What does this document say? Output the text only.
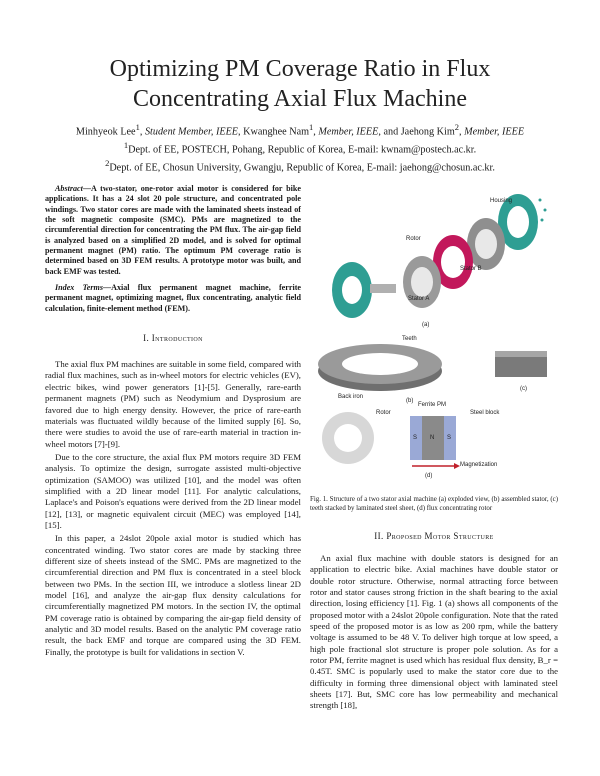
Optimizing PM Coverage Ratio in Flux Concentrating Axial Flux Machine
Minhyeok Lee$^1$, Student Member, IEEE, Kwanghee Nam$^1$, Member, IEEE, and Jaehong Kim$^2$, Member, IEEE
$^1$Dept. of EE, POSTECH, Pohang, Republic of Korea, E-mail: kwnam@postech.ac.kr.
$^2$Dept. of EE, Chosun University, Gwangju, Republic of Korea, E-mail: jaehong@chosun.ac.kr.

Abstract—A two-stator, one-rotor axial motor is considered for bike applications. It has a 24 slot 20 pole structure, and concentrated pole windings. Two stator cores are made with the laminated sheets instead of the soft magnetic composite (SMC). PMs are magnetized to the circumferential direction for concentrating the PM flux. The air-gap field is analyzed based on a simplified 2D model, and is solved for optimal permanent magnet (PM) ratio. The optimum PM coverage ratio is determined based on 3D FEM results. A prototype motor was built, and back EMF was tested.

Index Terms—Axial flux permanent magnet machine, ferrite permanent magnet, optimizing magnet, flux concentrating, analytic field calculation, finite-element method (FEM).

I. Introduction

The axial flux PM machines are suitable in some field, compared with radial flux machines, such as in-wheel motors for electric vehicles (EV), electric bikes, wind power generators [1]-[5]. Generally, rare-earth permanent magnets (PM) such as Neodymium and Dysprosium are favored due to high energy density. However, the price of rare-earth materials was fluctuated wildly because of the limited supply [6]. So, there were studies to avoid the use of rare-earth material in traction in-wheel motors [7]-[9].

Due to the core structure, the axial flux PM motors require 3D FEM analysis. To optimize the design, surrogate assisted multi-objective optimization (SAMOO) was utilized [10], and the model was often simplified with a 2D linear model [11]. For analytic calculations, Laplace's and Poison's equations were derived from the 2D linear model [12], [13], or magnetic equivalent circuit (MEC) was employed [14], [15].

In this paper, a 24slot 20pole axial motor is studied which has concentrated winding. Two stator cores are made by stacking three different size of sheets instead of the SMC. PMs are magnetized to the circumferential direction and PM flux is concentrated in a steel block between two PMs. In the section III, we introduce a slotless linear 2D model [16], and analyze the air-gap flux density calculations for circumferentially magnetized PM motors. In the section IV, the optimal PM coverage ratio is obtained by comparing the air-gap field density of analytic and 3D model results. Based on the analytic PM coverage ratio result, the back EMF and torque are compared using the 3D FEM. Finally, the prototype is built for validations in section V.

Housing
Rotor
Stator B
Stator A
(a)
Teeth
Back iron
(b)
(c)
Ferrite PM
Rotor	Steel block
S N S
Magnetization
(d)

Fig. 1. Structure of a two stator axial machine (a) exploded view, (b) assembled stator, (c) teeth stacked by laminated steel sheet, (d) flux concentrating rotor

II. Proposed Motor Structure

An axial flux machine with double stators is designed for an application to electric bike. Axial machines have double stator or double rotor structure. Otherwise, normal attracting force between rotor and stator causes strong friction in the shaft bearing to the axial direction, losing efficiency [1]. Fig. 1 (a) shows all components of the proposed motor with a 24slot 20pole configuration. Note that the rated speed of the proposed motor is as low as 200 rpm, while the battery voltage is assumed to be 48 V. To deliver high torque at low speed, a high pole fractional slot structure is proper pole solution. As for a rotor PM, ferrite magnet is used which has residual flux density, B_r = 0.45T. SMC is popularly used to make the stator core due to the difficulty in forming three dimensional object with laminated steel sheets [17]. But, SMC core has low permeability and mechanical strength [18],
